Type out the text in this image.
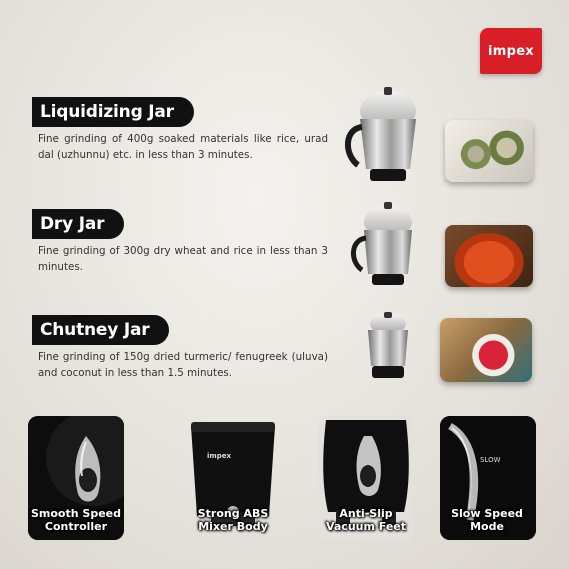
impex
Liquidizing Jar
Fine grinding of 400g soaked materials like rice, urad dal (uzhunnu) etc. in less than 3 minutes.
Dry Jar
Fine grinding of 300g dry wheat and rice in less than 3 minutes.
Chutney Jar
Fine grinding of 150g dried turmeric/ fenugreek (uluva) and coconut in less than 1.5 minutes.
Smooth Speed
Controller
impex
Strong ABS
Mixer Body
Anti-Slip
Vacuum Feet
SLOW
Slow Speed
Mode
